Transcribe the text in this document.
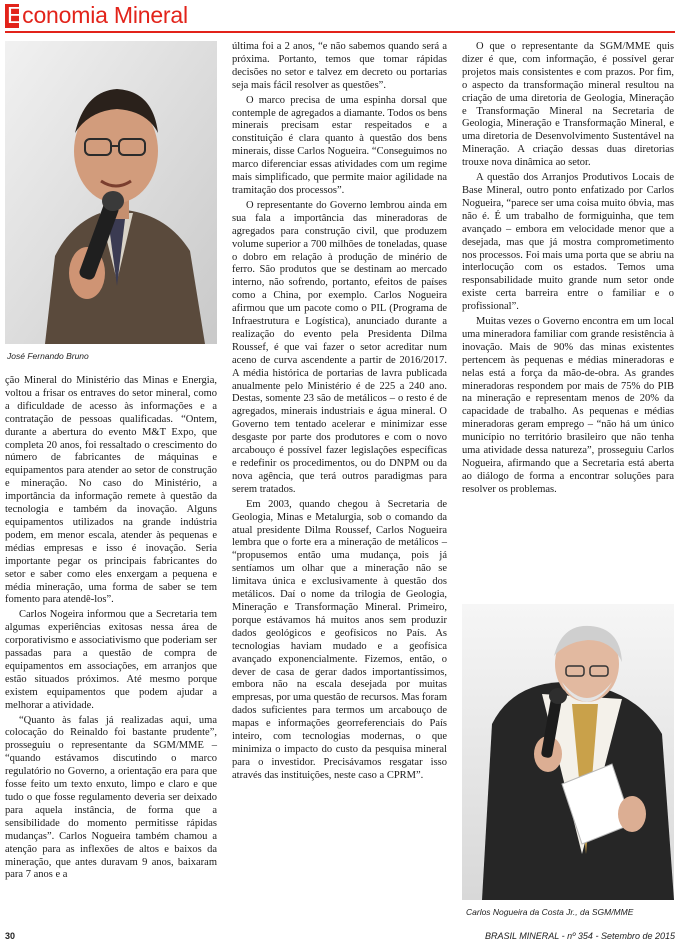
Economia Mineral
José Fernando Bruno

ção Mineral do Ministério das Minas e Energia, voltou a frisar os entraves do setor mineral, como a dificuldade de acesso às informações e a contratação de pessoas qualificadas. “Ontem, durante a abertura do evento M&T Expo, que completa 20 anos, foi ressaltado o crescimento do número de fabricantes de máquinas e equipamentos para atender ao setor de construção e mineração. No caso do Ministério, a importância da informação remete à questão da tecnologia e também da inovação. Alguns equipamentos utilizados na grande indústria podem, em menor escala, atender às pequenas e médias empresas e isso é inovação. Seria importante pegar os principais fabricantes do setor e saber como eles enxergam a pequena e média mineração, uma forma de saber se tem fomento para atendê-los”.

Carlos Nogeira informou que a Secretaria tem algumas experiências exitosas nessa área de corporativismo e associativismo que poderiam ser passadas para a questão de compra de equipamentos em associações, em arranjos que estão situados próximos. Até mesmo porque existem equipamentos que podem ajudar a melhorar a atividade.

“Quanto às falas já realizadas aqui, uma colocação do Reinaldo foi bastante prudente”, prosseguiu o representante da SGM/MME – “quando estávamos discutindo o marco regulatório no Governo, a orientação era para que fosse feito um texto enxuto, limpo e claro e que tudo o que fosse regulamento deveria ser deixado para aquela instância, de forma que a sensibilidade do momento permitisse rápidas mudanças”. Carlos Nogueira também chamou a atenção para as inflexões de altos e baixos da mineração, que antes duravam 9 anos, baixaram para 7 anos e a

última foi a 2 anos, “e não sabemos quando será a próxima. Portanto, temos que tomar rápidas decisões no setor e talvez em decreto ou portarias seja mais fácil resolver as questões”.

O marco precisa de uma espinha dorsal que contemple de agregados a diamante. Todos os bens minerais precisam estar respeitados e a constituição é clara quanto à questão dos bens minerais, disse Carlos Nogueira. “Conseguimos no marco diferenciar essas atividades com um regime mais simplificado, que permite maior agilidade na tramitação dos processos”.

O representante do Governo lembrou ainda em sua fala a importância das mineradoras de agregados para construção civil, que produzem volume superior a 700 milhões de toneladas, quase o dobro em relação à produção de minério de ferro. São produtos que se destinam ao mercado interno, não sofrendo, portanto, efeitos de países como a China, por exemplo. Carlos Nogueira afirmou que um pacote como o PIL (Programa de Infraestrutura e Logística), anunciado durante a realização do evento pela Presidenta Dilma Roussef, é que vai fazer o setor acreditar num aceno de curva ascendente a partir de 2016/2017. A média histórica de portarias de lavra publicada anualmente pelo Ministério é de 225 a 240 ano. Destas, somente 23 são de metálicos – o resto é de agregados, minerais industriais e água mineral. O Governo tem tentado acelerar e minimizar esse desgaste por parte dos produtores e com o novo arcabouço é possível fazer legislações específicas e redefinir os procedimentos, ou do DNPM ou da nova agência, que terá outros paradigmas para serem tratados.

Em 2003, quando chegou à Secretaria de Geologia, Minas e Metalurgia, sob o comando da atual presidente Dilma Roussef, Carlos Nogueira lembra que o forte era a mineração de metálicos – “propusemos então uma mudança, pois já sentíamos um olhar que a mineração não se limitava única e exclusivamente à questão dos metálicos. Daí o nome da trilogia de Geologia, Mineração e Transformação Mineral. Primeiro, porque estávamos há muitos anos sem produzir dados geológicos e geofísicos no País. As tecnologias haviam mudado e a geofísica avançado exponencialmente. Fizemos, então, o dever de casa de gerar dados importantíssimos, embora não na escala desejada por muitas empresas, por uma questão de recursos. Mas foram dados suficientes para termos um arcabouço de mapas e informações georreferenciais do País inteiro, com tecnologias modernas, o que minimiza o impacto do custo da pesquisa mineral para o investidor. Precisávamos resgatar isso através das instituições, neste caso a CPRM”.

O que o representante da SGM/MME quis dizer é que, com informação, é possível gerar projetos mais consistentes e com prazos. Por fim, o aspecto da transformação mineral resultou na criação de uma diretoria de Geologia, Mineração e Transformação Mineral na Secretaria de Geologia, Mineração e Transformação Mineral, e uma diretoria de Desenvolvimento Sustentável na Mineração. A criação dessas duas diretorias trouxe nova dinâmica ao setor.

A questão dos Arranjos Produtivos Locais de Base Mineral, outro ponto enfatizado por Carlos Nogueira, “parece ser uma coisa muito óbvia, mas não é. É um trabalho de formiguinha, que tem avançado – embora em velocidade menor que a desejada, mas que já mostra comprometimento nos processos. Foi mais uma porta que se abriu na interlocução com os estados. Temos uma responsabilidade muito grande num setor onde existe certa barreira entre o familiar e o profissional”.

Muitas vezes o Governo encontra em um local uma mineradora familiar com grande resistência à inovação. Mais de 90% das minas existentes pertencem às pequenas e médias mineradoras e nelas está a força da mão-de-obra. As grandes mineradoras respondem por mais de 75% do PIB na mineração e representam menos de 20% da capacidade de trabalho. As pequenas e médias mineradoras geram emprego – “não há um único município no território brasileiro que não tenha uma atividade dessa natureza”, prosseguiu Carlos Nogueira, afirmando que a Secretaria está aberta ao diálogo de forma a encontrar soluções para resolver os problemas.

Carlos Nogueira da Costa Jr., da SGM/MME
30	BRASIL MINERAL - nº 354 - Setembro de 2015
